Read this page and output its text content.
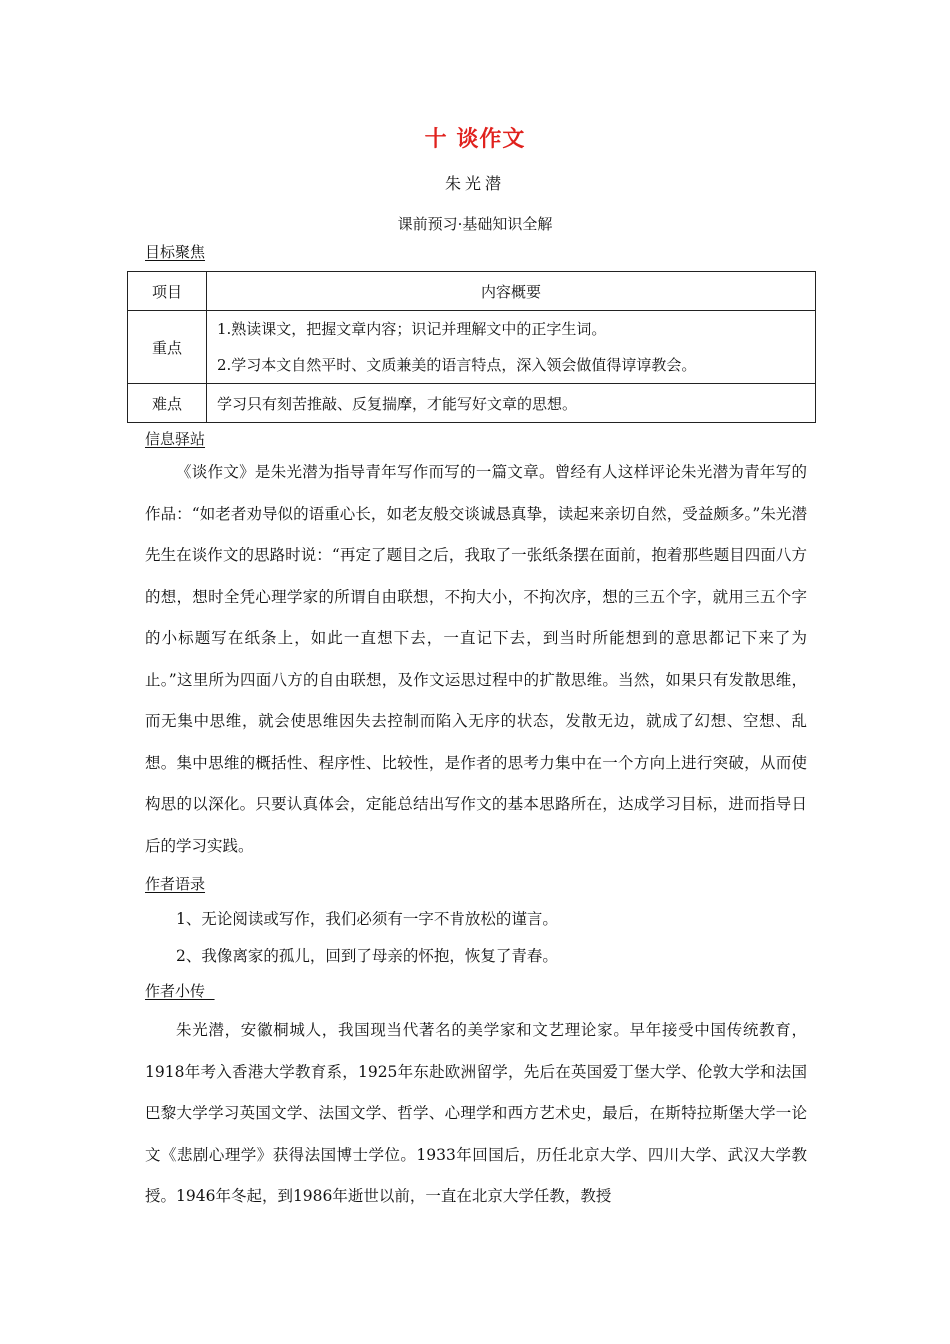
十 谈作文
朱光潜
课前预习·基础知识全解
目标聚焦
项目	内容概要
重点	1.熟读课文，把握文章内容；识记并理解文中的正字生词。
2.学习本文自然平时、文质兼美的语言特点，深入领会做值得谆谆教会。

难点	学习只有刻苦推敲、反复揣摩，才能写好文章的思想。
信息驿站

《谈作文》是朱光潜为指导青年写作而写的一篇文章。曾经有人这样评论朱光潜为青年写的作品：“如老者劝导似的语重心长，如老友般交谈诚恳真挚，读起来亲切自然，受益颇多。”朱光潜先生在谈作文的思路时说：“再定了题目之后，我取了一张纸条摆在面前，抱着那些题目四面八方的想，想时全凭心理学家的所谓自由联想，不拘大小，不拘次序，想的三五个字，就用三五个字的小标题写在纸条上，如此一直想下去，一直记下去，到当时所能想到的意思都记下来了为止。”这里所为四面八方的自由联想，及作文运思过程中的扩散思维。当然，如果只有发散思维，而无集中思维，就会使思维因失去控制而陷入无序的状态，发散无边，就成了幻想、空想、乱想。集中思维的概括性、程序性、比较性，是作者的思考力集中在一个方向上进行突破，从而使构思的以深化。只要认真体会，定能总结出写作文的基本思路所在，达成学习目标，进而指导日后的学习实践。

作者语录
1、无论阅读或写作，我们必须有一字不肯放松的谨言。
2、我像离家的孤儿，回到了母亲的怀抱，恢复了青春。
作者小传

朱光潜，安徽桐城人，我国现当代著名的美学家和文艺理论家。早年接受中国传统教育，1918年考入香港大学教育系，1925年东赴欧洲留学，先后在英国爱丁堡大学、伦敦大学和法国巴黎大学学习英国文学、法国文学、哲学、心理学和西方艺术史，最后，在斯特拉斯堡大学一论文《悲剧心理学》获得法国博士学位。1933年回国后，历任北京大学、四川大学、武汉大学教授。1946年冬起，到1986年逝世以前，一直在北京大学任教，教授
